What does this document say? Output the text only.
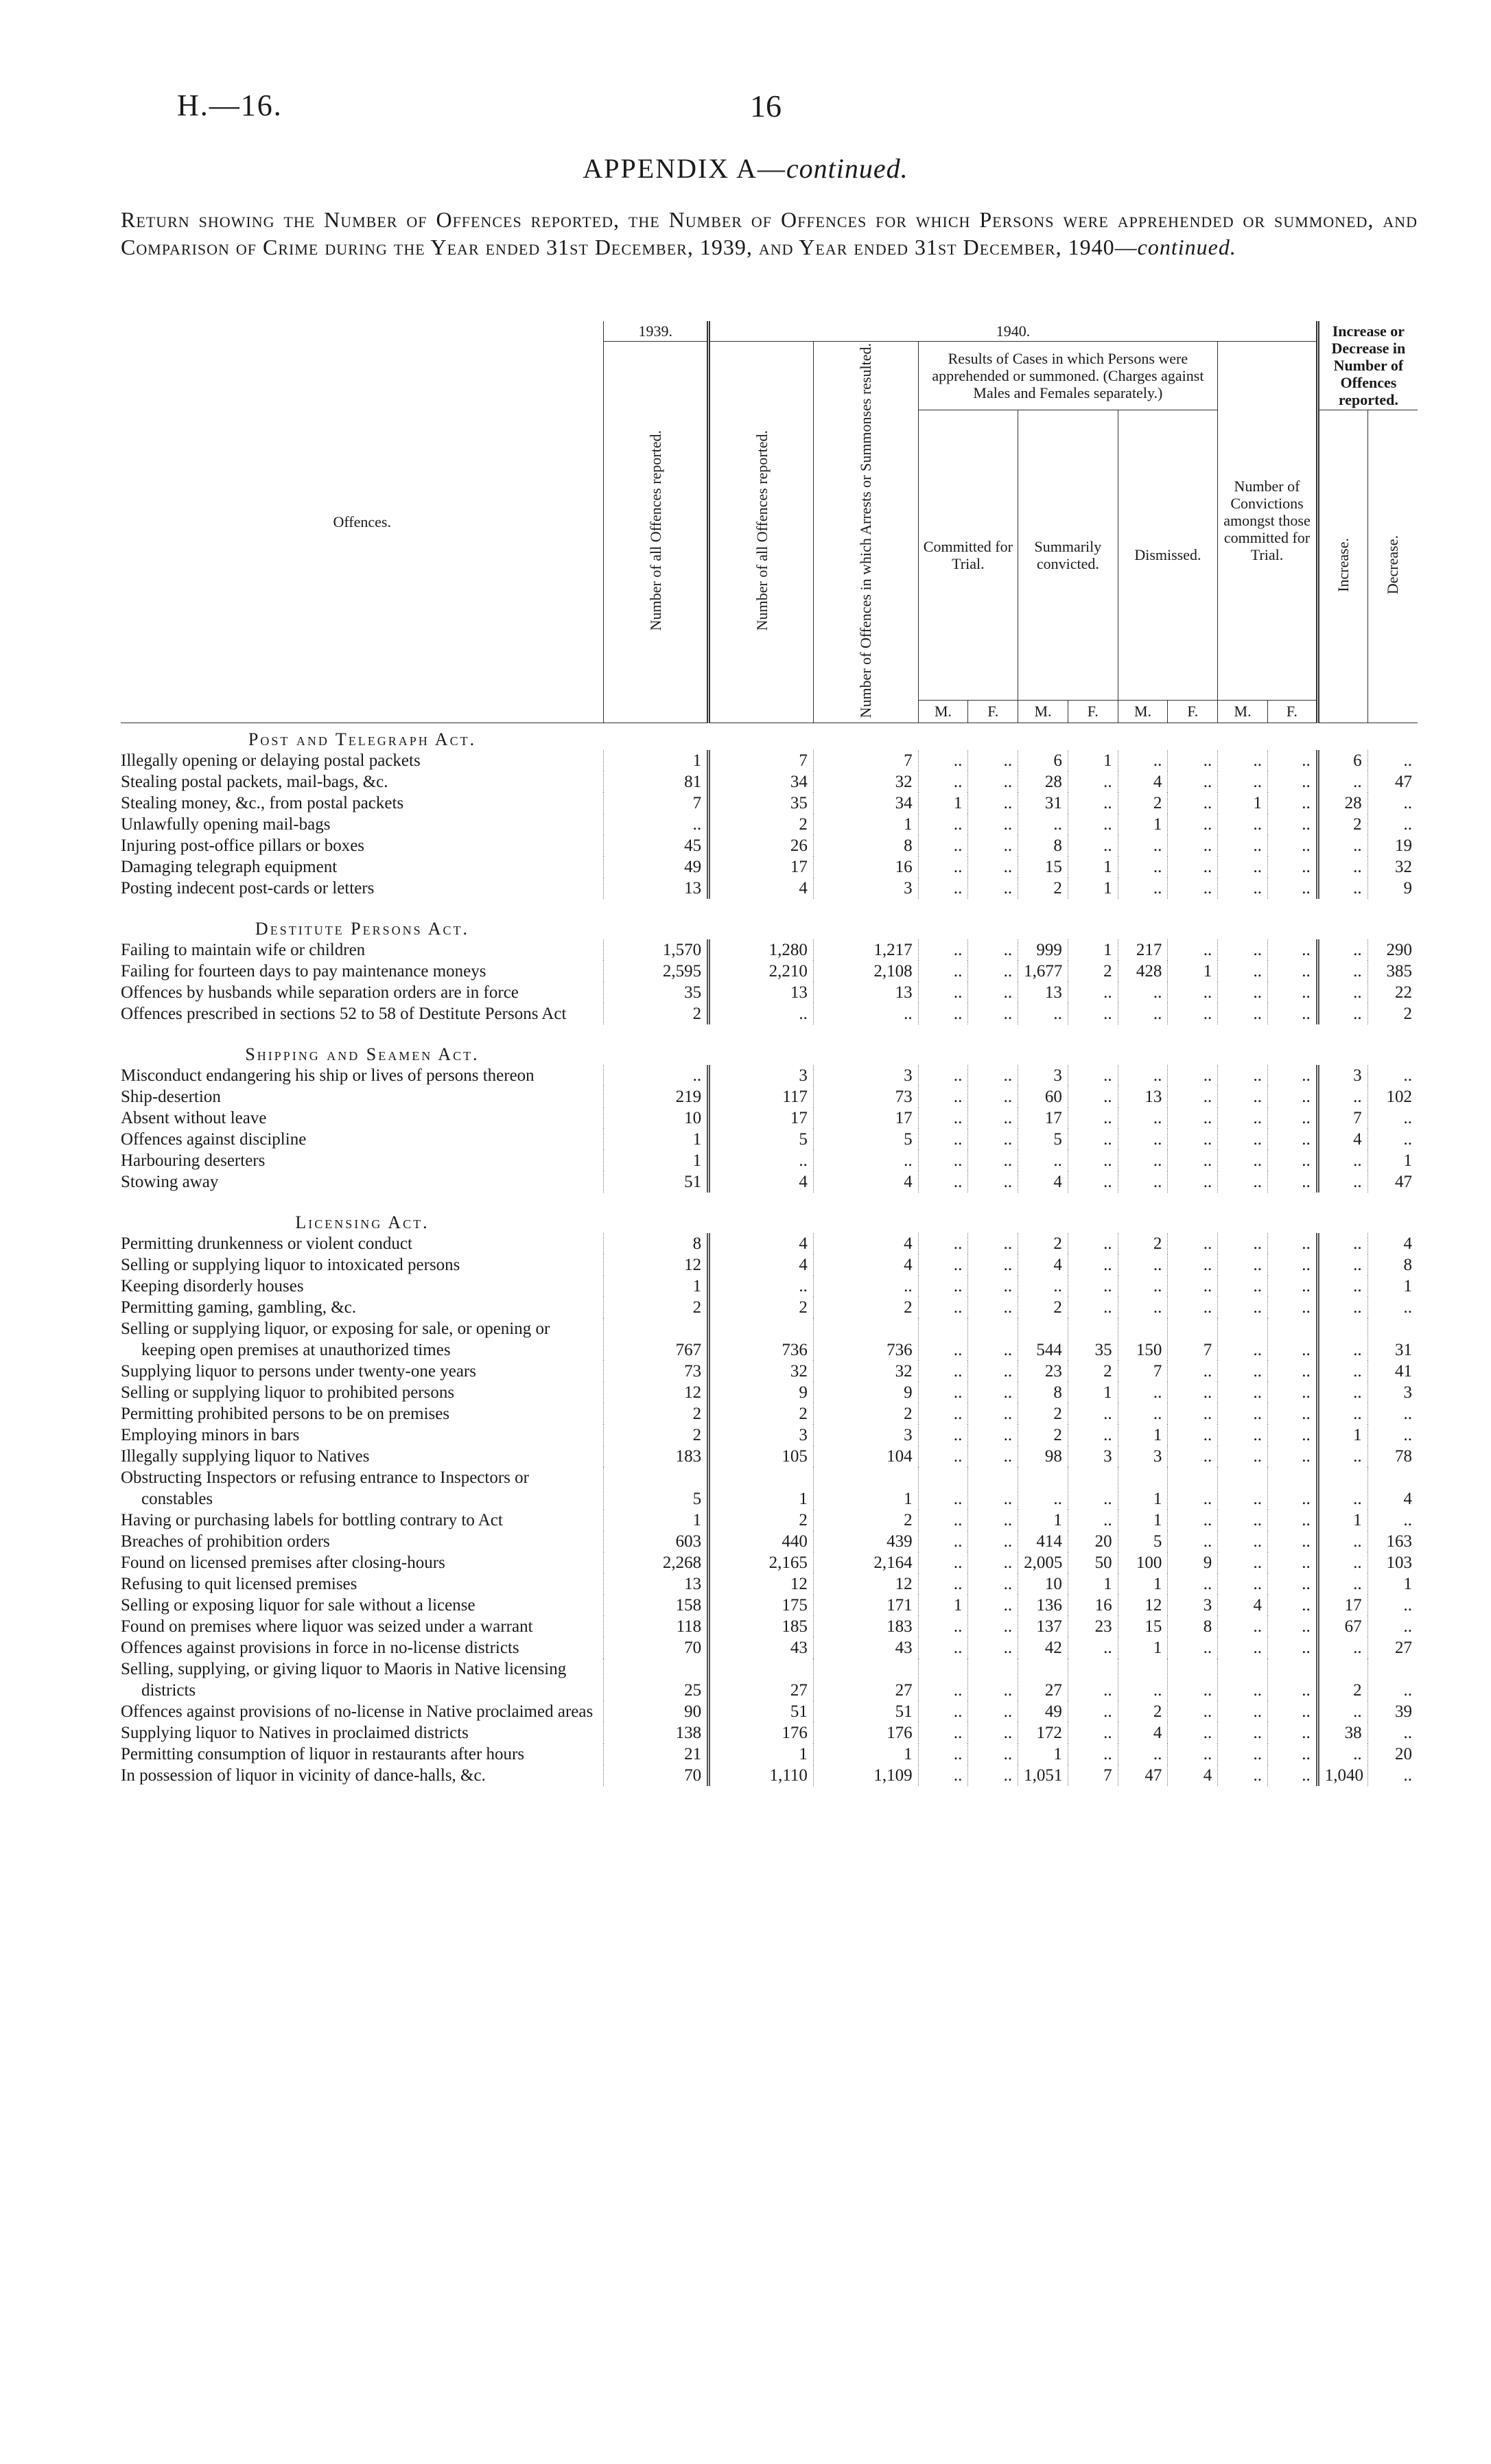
H.—16.	16
APPENDIX A—continued.
Return showing the Number of Offences reported, the Number of Offences for which Persons were apprehended or summoned, and Comparison of Crime during the Year ended 31st December, 1939, and Year ended 31st December, 1940—continued.
Offences.	1939.	1940.										Increase or Decrease in Number of Offences reported.	
	Number of all Offences reported.	Number of all Offences reported.	Number of Offences in which Arrests or Summonses resulted.	Results of Cases in which Persons were apprehended or summoned. (Charges against Males and Females separately.)						Number of Convictions amongst those committed for Trial.			
				Committed for Trial.		Summarily convicted.		Dismissed.				Increase.	Decrease.
				M.	F.	M.	F.	M.	F.	M.	F.		
Post and Telegraph Act.													

Illegally opening or delaying postal packets	1	7	7	..	..	6	1	..	..	..	..	6	..

Stealing postal packets, mail-bags, &c.	81	34	32	..	..	28	..	4	..	..	..	..	47

Stealing money, &c., from postal packets	7	35	34	1	..	31	..	2	..	1	..	28	..

Unlawfully opening mail-bags	..	2	1	..	..	..	..	1	..	..	..	2	..

Injuring post-office pillars or boxes	45	26	8	..	..	8	..	..	..	..	..	..	19

Damaging telegraph equipment	49	17	16	..	..	15	1	..	..	..	..	..	32

Posting indecent post-cards or letters	13	4	3	..	..	2	1	..	..	..	..	..	9
Destitute Persons Act.													

Failing to maintain wife or children	1,570	1,280	1,217	..	..	999	1	217	..	..	..	..	290

Failing for fourteen days to pay maintenance moneys	2,595	2,210	2,108	..	..	1,677	2	428	1	..	..	..	385

Offences by husbands while separation orders are in force	35	13	13	..	..	13	..	..	..	..	..	..	22

Offences prescribed in sections 52 to 58 of Destitute Persons Act	2	..	..	..	..	..	..	..	..	..	..	..	2
Shipping and Seamen Act.													

Misconduct endangering his ship or lives of persons thereon	..	3	3	..	..	3	..	..	..	..	..	3	..

Ship-desertion	219	117	73	..	..	60	..	13	..	..	..	..	102

Absent without leave	10	17	17	..	..	17	..	..	..	..	..	7	..

Offences against discipline	1	5	5	..	..	5	..	..	..	..	..	4	..

Harbouring deserters	1	..	..	..	..	..	..	..	..	..	..	..	1

Stowing away	51	4	4	..	..	4	..	..	..	..	..	..	47
Licensing Act.													

Permitting drunkenness or violent conduct	8	4	4	..	..	2	..	2	..	..	..	..	4

Selling or supplying liquor to intoxicated persons	12	4	4	..	..	4	..	..	..	..	..	..	8

Keeping disorderly houses	1	..	..	..	..	..	..	..	..	..	..	..	1

Permitting gaming, gambling, &c.	2	2	2	..	..	2	..	..	..	..	..	..	..

Selling or supplying liquor, or exposing for sale, or opening or keeping open premises at unauthorized times	767	736	736	..	..	544	35	150	7	..	..	..	31

Supplying liquor to persons under twenty-one years	73	32	32	..	..	23	2	7	..	..	..	..	41

Selling or supplying liquor to prohibited persons	12	9	9	..	..	8	1	..	..	..	..	..	3

Permitting prohibited persons to be on premises	2	2	2	..	..	2	..	..	..	..	..	..	..

Employing minors in bars	2	3	3	..	..	2	..	1	..	..	..	1	..

Illegally supplying liquor to Natives	183	105	104	..	..	98	3	3	..	..	..	..	78

Obstructing Inspectors or refusing entrance to Inspectors or constables	5	1	1	..	..	..	..	1	..	..	..	..	4

Having or purchasing labels for bottling contrary to Act	1	2	2	..	..	1	..	1	..	..	..	1	..

Breaches of prohibition orders	603	440	439	..	..	414	20	5	..	..	..	..	163

Found on licensed premises after closing-hours	2,268	2,165	2,164	..	..	2,005	50	100	9	..	..	..	103

Refusing to quit licensed premises	13	12	12	..	..	10	1	1	..	..	..	..	1

Selling or exposing liquor for sale without a license	158	175	171	1	..	136	16	12	3	4	..	17	..

Found on premises where liquor was seized under a warrant	118	185	183	..	..	137	23	15	8	..	..	67	..

Offences against provisions in force in no-license districts	70	43	43	..	..	42	..	1	..	..	..	..	27

Selling, supplying, or giving liquor to Maoris in Native licensing districts	25	27	27	..	..	27	..	..	..	..	..	2	..

Offences against provisions of no-license in Native proclaimed areas	90	51	51	..	..	49	..	2	..	..	..	..	39

Supplying liquor to Natives in proclaimed districts	138	176	176	..	..	172	..	4	..	..	..	38	..

Permitting consumption of liquor in restaurants after hours	21	1	1	..	..	1	..	..	..	..	..	..	20

In possession of liquor in vicinity of dance-halls, &c.	70	1,110	1,109	..	..	1,051	7	47	4	..	..	1,040	..
